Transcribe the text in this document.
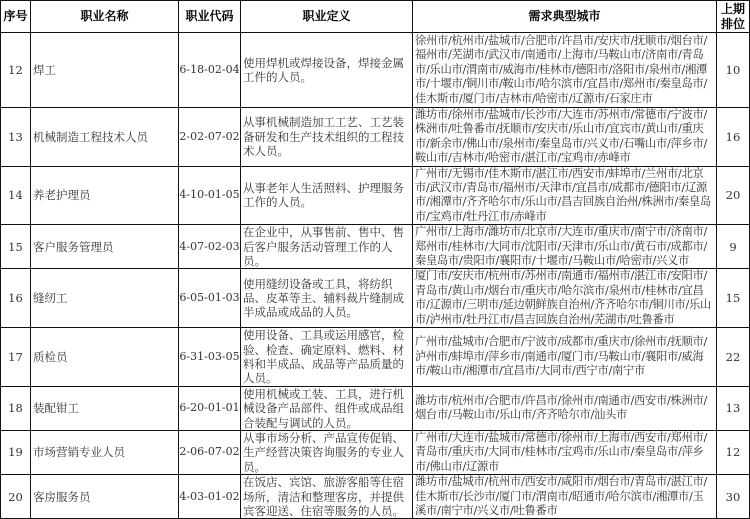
序号	职业名称	职业代码	职业定义	需求典型城市	上期排位
12	焊工	6-18-02-04	使用焊机或焊接设备，焊接金属工件的人员。	徐州市/杭州市/盐城市/合肥市/许昌市/安庆市/抚顺市/烟台市/福州市/芜湖市/武汉市/南通市/上海市/马鞍山市/济南市/青岛市/乐山市/渭南市/威海市/桂林市/德阳市/洛阳市/泉州市/湘潭市/十堰市/铜川市/鞍山市/哈尔滨市/宜昌市/郑州市/秦皇岛市/佳木斯市/厦门市/吉林市/哈密市/辽源市/石家庄市	10
13	机械制造工程技术人员	2-02-07-02	从事机械制造加工工艺、工艺装备研发和生产技术组织的工程技术人员。	潍坊市/徐州市/盐城市/长沙市/大连市/苏州市/常德市/宁波市/株洲市/吐鲁番市/抚顺市/安庆市/乐山市/宜宾市/黄山市/重庆市/新余市/佛山市/泉州市/秦皇岛市/兴义市/石嘴山市/萍乡市/鞍山市/吉林市/哈密市/湛江市/宝鸡市/赤峰市	16
14	养老护理员	4-10-01-05	从事老年人生活照料、护理服务工作的人员。	广州市/无锡市/佳木斯市/湛江市/西安市/蚌埠市/兰州市/北京市/武汉市/青岛市/福州市/天津市/宜昌市/成都市/德阳市/辽源市/湘潭市/齐齐哈尔市/乐山市/昌吉回族自治州/株洲市/秦皇岛市/宝鸡市/牡丹江市/赤峰市	20
15	客户服务管理员	4-07-02-03	在企业中，从事售前、售中、售后客户服务活动管理工作的人员。	广州市/上海市/潍坊市/北京市/大连市/重庆市/南宁市/济南市/郑州市/桂林市/大同市/沈阳市/天津市/乐山市/黄石市/成都市/秦皇岛市/贵阳市/襄阳市/十堰市/马鞍山市/哈密市/兴义市	9
16	缝纫工	6-05-01-03	使用缝纫设备或工具，将纺织品、皮革等主、辅料裁片缝制成半成品或成品的人员。	厦门市/安庆市/杭州市/苏州市/南通市/福州市/湛江市/安阳市/青岛市/黄山市/烟台市/重庆市/哈尔滨市/泉州市/桂林市/宜昌市/辽源市/三明市/延边朝鲜族自治州/齐齐哈尔市/铜川市/乐山市/泸州市/牡丹江市/昌吉回族自治州/芜湖市/吐鲁番市	15
17	质检员	6-31-03-05	使用设备、工具或运用感官，检验、检查、确定原料、燃料、材料和半成品、成品等产品质量的人员。	广州市/盐城市/合肥市/宁波市/成都市/重庆市/徐州市/抚顺市/泸州市/蚌埠市/萍乡市/南通市/厦门市/马鞍山市/襄阳市/威海市/鞍山市/湘潭市/宜昌市/大同市/西宁市/南宁市	22
18	装配钳工	6-20-01-01	使用机械或工装、工具，进行机械设备产品部件、组件或成品组合装配与调试的人员。	潍坊市/杭州市/合肥市/许昌市/徐州市/南通市/西安市/株洲市/烟台市/马鞍山市/乐山市/齐齐哈尔市/汕头市	13
19	市场营销专业人员	2-06-07-02	从事市场分析、产品宣传促销、生产经营决策咨询服务的专业人员。	广州市/大连市/盐城市/常德市/徐州市/上海市/西安市/郑州市/青岛市/重庆市/大同市/桂林市/宝鸡市/乐山市/秦皇岛市/萍乡市/佛山市/辽源市	12
20	客房服务员	4-03-01-02	在饭店、宾馆、旅游客船等住宿场所，清洁和整理客房，并提供宾客迎送、住宿等服务的人员。	潍坊市/盐城市/杭州市/西安市/咸阳市/烟台市/青岛市/湛江市/佳木斯市/长沙市/厦门市/渭南市/昭通市/哈尔滨市/湘潭市/玉溪市/南宁市/兴义市/吐鲁番市	30
